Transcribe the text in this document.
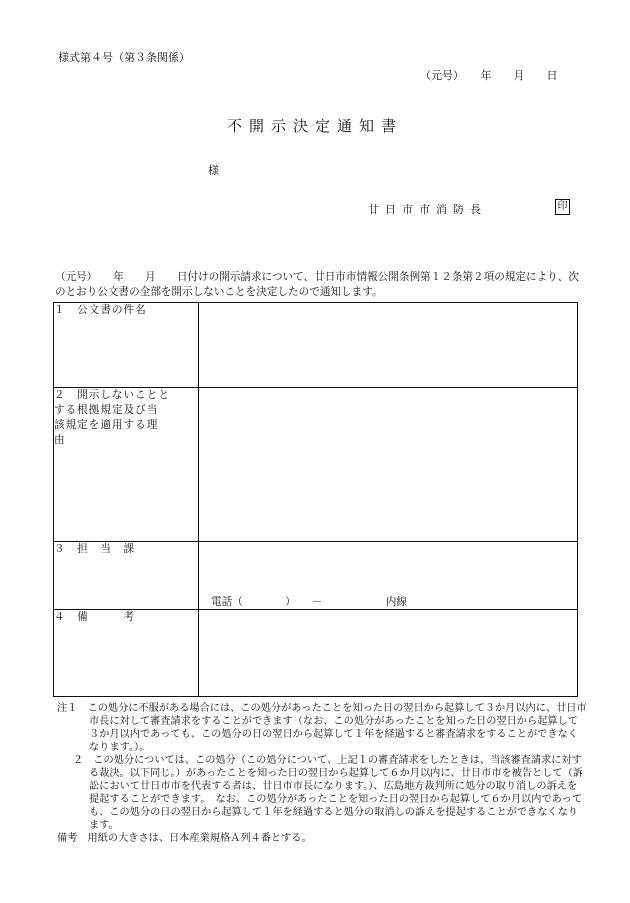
様式第４号（第３条関係）
（元号）　　年　　月　　日
不開示決定通知書
様
廿日市市消防長	印
（元号）　　年　　月　　日付けの開示請求について、廿日市市情報公開条例第１２条第２項の規定により、次のとおり公文書の全部を開示しないことを決定したので通知します。
１　公文書の件名	
２　開示しないことと
する根拠規定及び当
該規定を適用する理
由	
３　担　当　課	電話（　　　　）　　－　　　　　　内線

４　備　　　考	

注１　この処分に不服がある場合には、この処分があったことを知った日の翌日から起算して３か月以内に、廿日市市長に対して審査請求をすることができます（なお、この処分があったことを知った日の翌日から起算して３か月以内であっても、この処分の日の翌日から起算して１年を経過すると審査請求をすることができなくなります。）。

２　この処分については、この処分（この処分について、上記１の審査請求をしたときは、当該審査請求に対する裁決。以下同じ。）があったことを知った日の翌日から起算して６か月以内に、廿日市市を被告として（訴訟において廿日市市を代表する者は、廿日市市長になります。）、広島地方裁判所に処分の取り消しの訴えを提起することができます。　なお、この処分があったことを知った日の翌日から起算して６か月以内であっても、この処分の日の翌日から起算して１年を経過すると処分の取消しの訴えを提起することができなくなります。

備考　用紙の大きさは、日本産業規格Ａ列４番とする。
